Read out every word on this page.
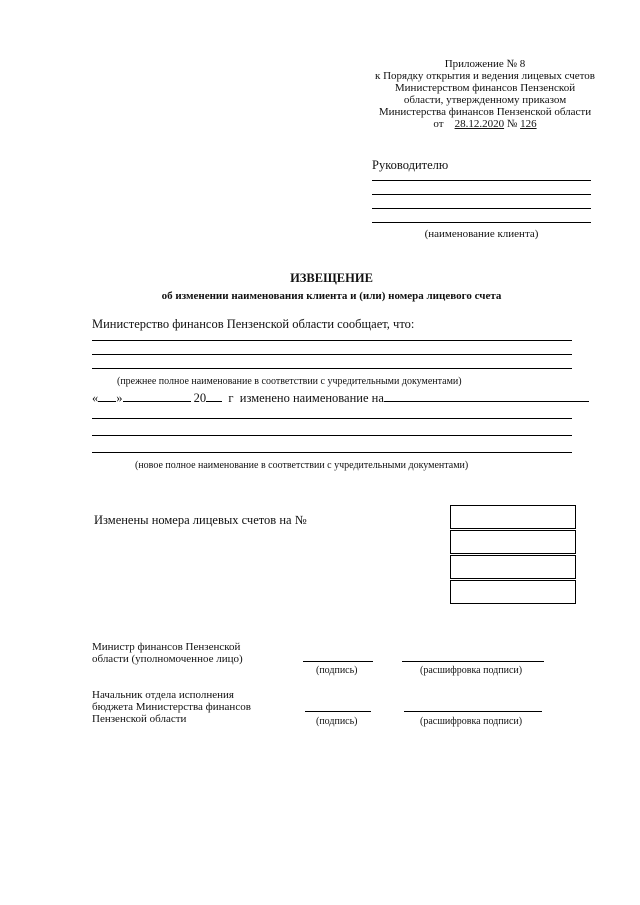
Приложение № 8
к Порядку открытия и ведения лицевых счетов
Министерством финансов Пензенской
области, утвержденному приказом
Министерства финансов Пензенской области
от 28.12.2020 № 126
Руководителю
(наименование клиента)
ИЗВЕЩЕНИЕ
об изменении наименования клиента и (или) номера лицевого счета
Министерство финансов Пензенской области сообщает, что:
(прежнее полное наименование в соответствии с учредительными документами)
« »	20 г изменено наименование на
(новое полное наименование в соответствии с учредительными документами)
Изменены номера лицевых счетов на №
Министр финансов Пензенской
области (уполномоченное лицо)
(подпись)	(расшифровка подписи)
Начальник отдела исполнения
бюджета Министерства финансов
Пензенской области	(подпись)	(расшифровка подписи)
